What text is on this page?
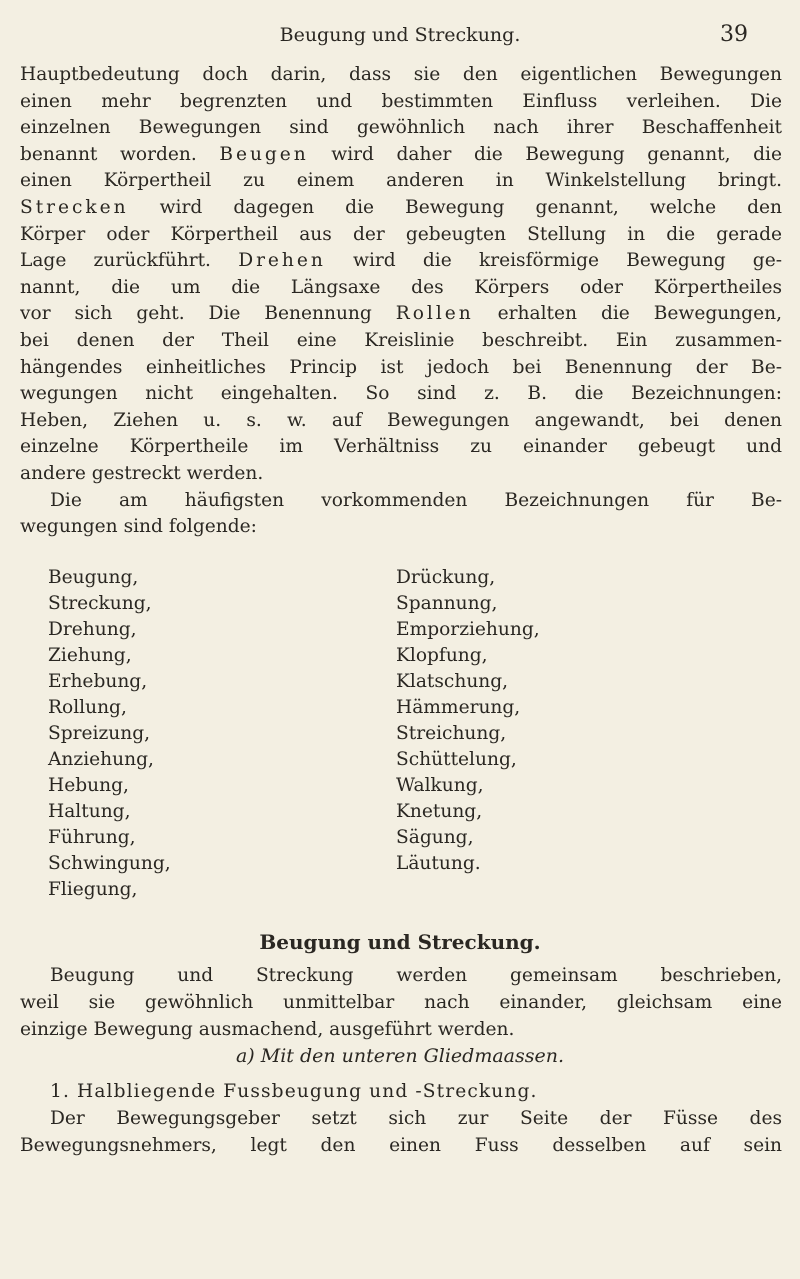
Beugung und Streckung.	39
Hauptbedeutung doch darin, dass sie den eigentlichen Bewegungen
einen mehr begrenzten und bestimmten Einfluss verleihen. Die
einzelnen Bewegungen sind gewöhnlich nach ihrer Beschaffenheit
benannt worden. Beugen wird daher die Bewegung genannt, die
einen Körpertheil zu einem anderen in Winkelstellung bringt.
Strecken wird dagegen die Bewegung genannt, welche den
Körper oder Körpertheil aus der gebeugten Stellung in die gerade
Lage zurückführt. Drehen wird die kreisförmige Bewegung ge-
nannt, die um die Längsaxe des Körpers oder Körpertheiles
vor sich geht. Die Benennung Rollen erhalten die Bewegungen,
bei denen der Theil eine Kreislinie beschreibt. Ein zusammen-
hängendes einheitliches Princip ist jedoch bei Benennung der Be-
wegungen nicht eingehalten. So sind z. B. die Bezeichnungen:
Heben, Ziehen u. s. w. auf Bewegungen angewandt, bei denen
einzelne Körpertheile im Verhältniss zu einander gebeugt und
andere gestreckt werden.
Die am häufigsten vorkommenden Bezeichnungen für Be-
wegungen sind folgende:
Beugung,
Streckung,
Drehung,
Ziehung,
Erhebung,
Rollung,
Spreizung,
Anziehung,
Hebung,
Haltung,
Führung,
Schwingung,
Fliegung,
Drückung,
Spannung,
Emporziehung,
Klopfung,
Klatschung,
Hämmerung,
Streichung,
Schüttelung,
Walkung,
Knetung,
Sägung,
Läutung.
Beugung und Streckung.
Beugung und Streckung werden gemeinsam beschrieben,
weil sie gewöhnlich unmittelbar nach einander, gleichsam eine
einzige Bewegung ausmachend, ausgeführt werden.
a) Mit den unteren Gliedmaassen.
1. Halbliegende Fussbeugung und -Streckung.
Der Bewegungsgeber setzt sich zur Seite der Füsse des
Bewegungsnehmers, legt den einen Fuss desselben auf sein
